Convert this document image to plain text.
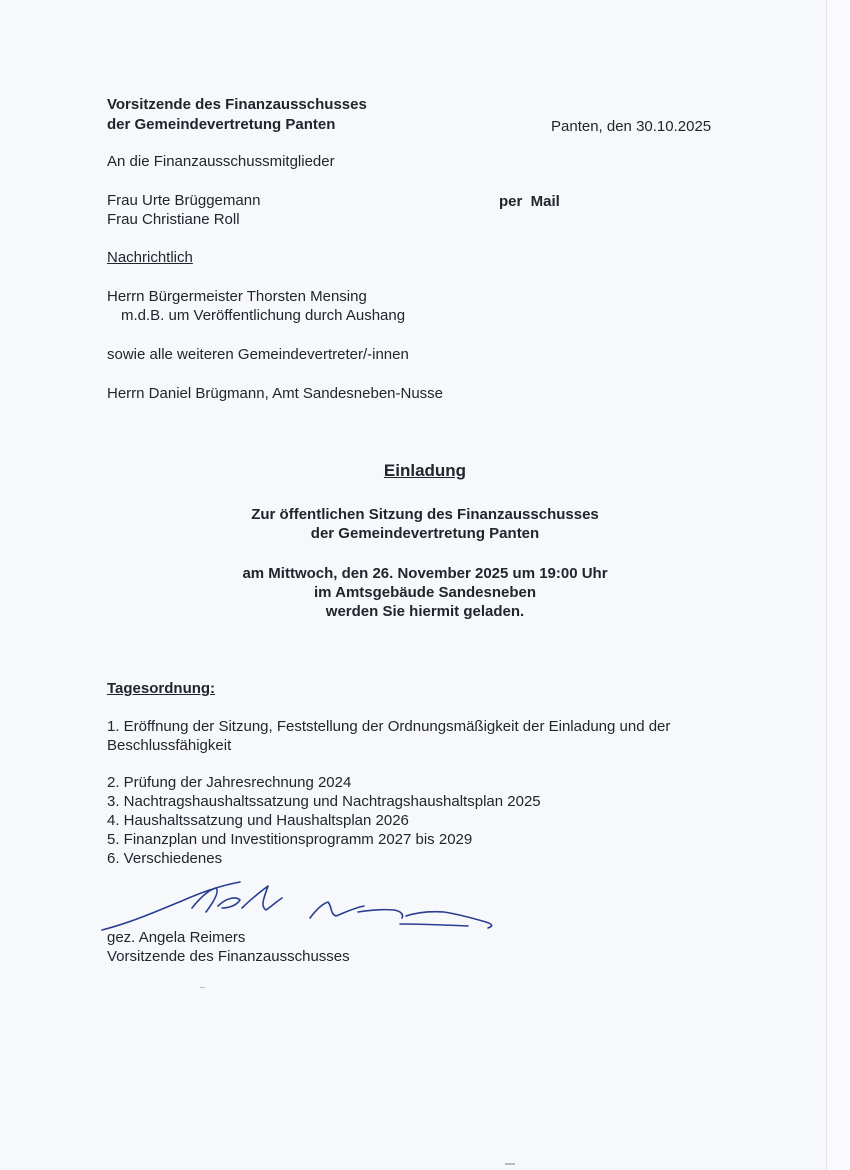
Vorsitzende des Finanzausschusses
der Gemeindevertretung Panten	Panten, den 30.10.2025
An die Finanzausschussmitglieder
Frau Urte Brüggemann
Frau Christiane Roll
per  Mail
Nachrichtlich
Herrn Bürgermeister Thorsten Mensing
m.d.B. um Veröffentlichung durch Aushang
sowie alle weiteren Gemeindevertreter/-innen
Herrn Daniel Brügmann, Amt Sandesneben-Nusse
Einladung
Zur öffentlichen Sitzung des Finanzausschusses
der Gemeindevertretung Panten
am Mittwoch, den 26. November 2025 um 19:00 Uhr
im Amtsgebäude Sandesneben
werden Sie hiermit geladen.
Tagesordnung:
1. Eröffnung der Sitzung, Feststellung der Ordnungsmäßigkeit der Einladung und der
Beschlussfähigkeit
2. Prüfung der Jahresrechnung 2024
3. Nachtragshaushaltssatzung und Nachtragshaushaltsplan 2025
4. Haushaltssatzung und Haushaltsplan 2026
5. Finanzplan und Investitionsprogramm 2027 bis 2029
6. Verschiedenes
gez. Angela Reimers
Vorsitzende des Finanzausschusses
